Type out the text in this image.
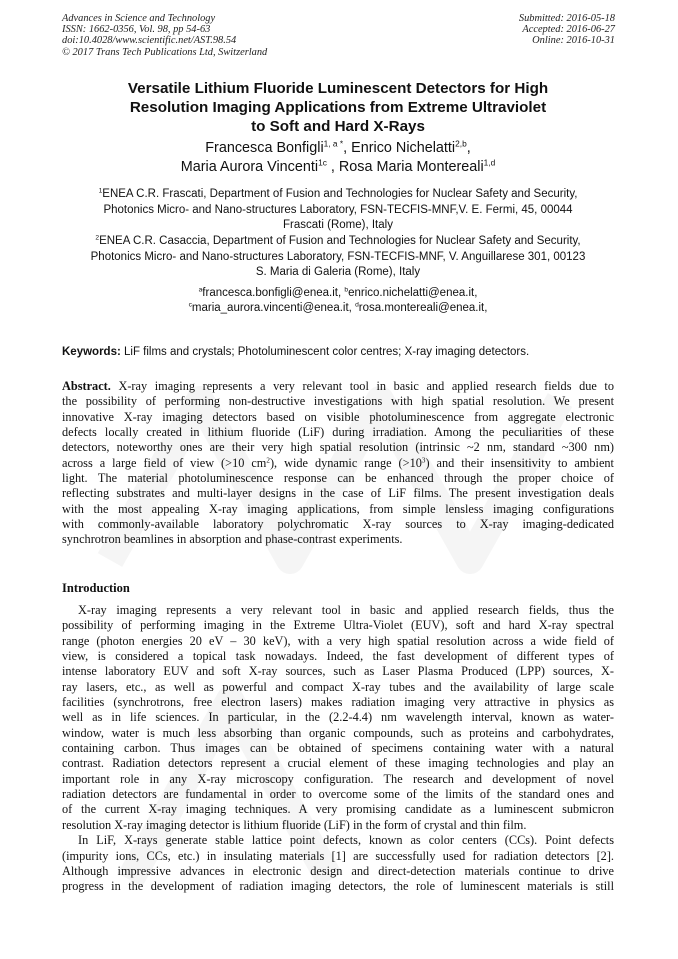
Advances in Science and Technology
ISSN: 1662-0356, Vol. 98, pp 54-63
doi:10.4028/www.scientific.net/AST.98.54
© 2017 Trans Tech Publications Ltd, Switzerland
Submitted: 2016-05-18
Accepted: 2016-06-27
Online: 2016-10-31
Versatile Lithium Fluoride Luminescent Detectors for High
Resolution Imaging Applications from Extreme Ultraviolet
to Soft and Hard X-Rays
Francesca Bonfigli$^{1, a *}$, Enrico Nichelatti$^{2,b}$,
Maria Aurora Vincenti$^{1c}$ , Rosa Maria Montereali$^{1,d}$
$^1$ENEA C.R. Frascati, Department of Fusion and Technologies for Nuclear Safety and Security,
Photonics Micro- and Nano-structures Laboratory, FSN-TECFIS-MNF,V. E. Fermi, 45, 00044
Frascati (Rome), Italy
$^2$ENEA C.R. Casaccia, Department of Fusion and Technologies for Nuclear Safety and Security,
Photonics Micro- and Nano-structures Laboratory, FSN-TECFIS-MNF, V. Anguillarese 301, 00123
S. Maria di Galeria (Rome), Italy
$^a$francesca.bonfigli@enea.it, $^b$enrico.nichelatti@enea.it,
$^c$maria_aurora.vincenti@enea.it, $^d$rosa.montereali@enea.it,
Keywords: LiF films and crystals; Photoluminescent color centres; X-ray imaging detectors.
Abstract. X-ray imaging represents a very relevant tool in basic and applied research fields due to
the possibility of performing non-destructive investigations with high spatial resolution. We present
innovative X-ray imaging detectors based on visible photoluminescence from aggregate electronic
defects locally created in lithium fluoride (LiF) during irradiation. Among the peculiarities of these
detectors, noteworthy ones are their very high spatial resolution (intrinsic ~2 nm, standard ~300 nm)
across a large field of view (>10 $cm^2$), wide dynamic range $(>10^3)$ and their insensitivity to ambient
light. The material photoluminescence response can be enhanced through the proper choice of
reflecting substrates and multi-layer designs in the case of LiF films. The present investigation deals
with the most appealing X-ray imaging applications, from simple lensless imaging configurations
with commonly-available laboratory polychromatic X-ray sources to X-ray imaging-dedicated
synchrotron beamlines in absorption and phase-contrast experiments.
Introduction
X-ray imaging represents a very relevant tool in basic and applied research fields, thus the
possibility of performing imaging in the Extreme Ultra-Violet (EUV), soft and hard X-ray spectral
range (photon energies 20 eV – 30 keV), with a very high spatial resolution across a wide field of
view, is considered a topical task nowadays. Indeed, the fast development of different types of
intense laboratory EUV and soft X-ray sources, such as Laser Plasma Produced (LPP) sources, X-
ray lasers, etc., as well as powerful and compact X-ray tubes and the availability of large scale
facilities (synchrotrons, free electron lasers) makes radiation imaging very attractive in physics as
well as in life sciences. In particular, in the (2.2-4.4) nm wavelength interval, known as water-
window, water is much less absorbing than organic compounds, such as proteins and carbohydrates,
containing carbon. Thus images can be obtained of specimens containing water with a natural
contrast. Radiation detectors represent a crucial element of these imaging technologies and play an
important role in any X-ray microscopy configuration. The research and development of novel
radiation detectors are fundamental in order to overcome some of the limits of the standard ones and
of the current X-ray imaging techniques. A very promising candidate as a luminescent submicron
resolution X-ray imaging detector is lithium fluoride (LiF) in the form of crystal and thin film.
In LiF, X-rays generate stable lattice point defects, known as color centers (CCs). Point defects
(impurity ions, CCs, etc.) in insulating materials [1] are successfully used for radiation detectors [2].
Although impressive advances in electronic design and direct-detection materials continue to drive
progress in the development of radiation imaging detectors, the role of luminescent materials is still
